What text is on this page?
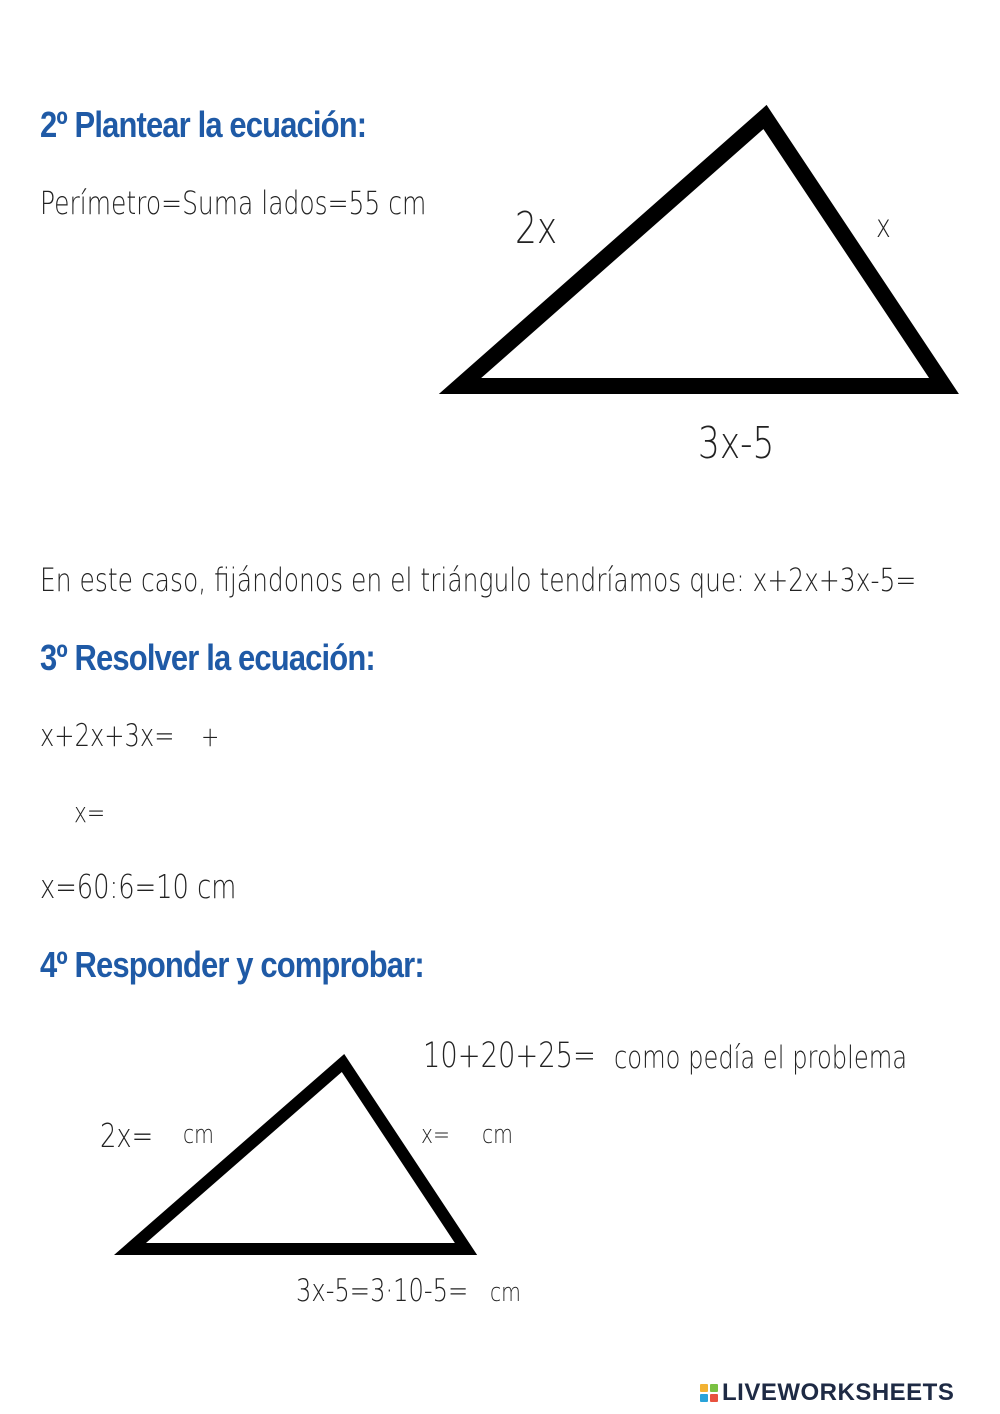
2º Plantear la ecuación:
Perímetro=Suma lados=55 cm 2x	x
3x-5
En este caso, fijándonos en el triángulo tendríamos que: x+2x+3x-5=
3º Resolver la ecuación:
x+2x+3x= +
x=
x=60:6=10 cm
4º Responder y comprobar:
10+20+25= como pedía el problema
2x= cm	x= cm
3x-5=3·10-5= cm
LIVEWORKSHEETS
